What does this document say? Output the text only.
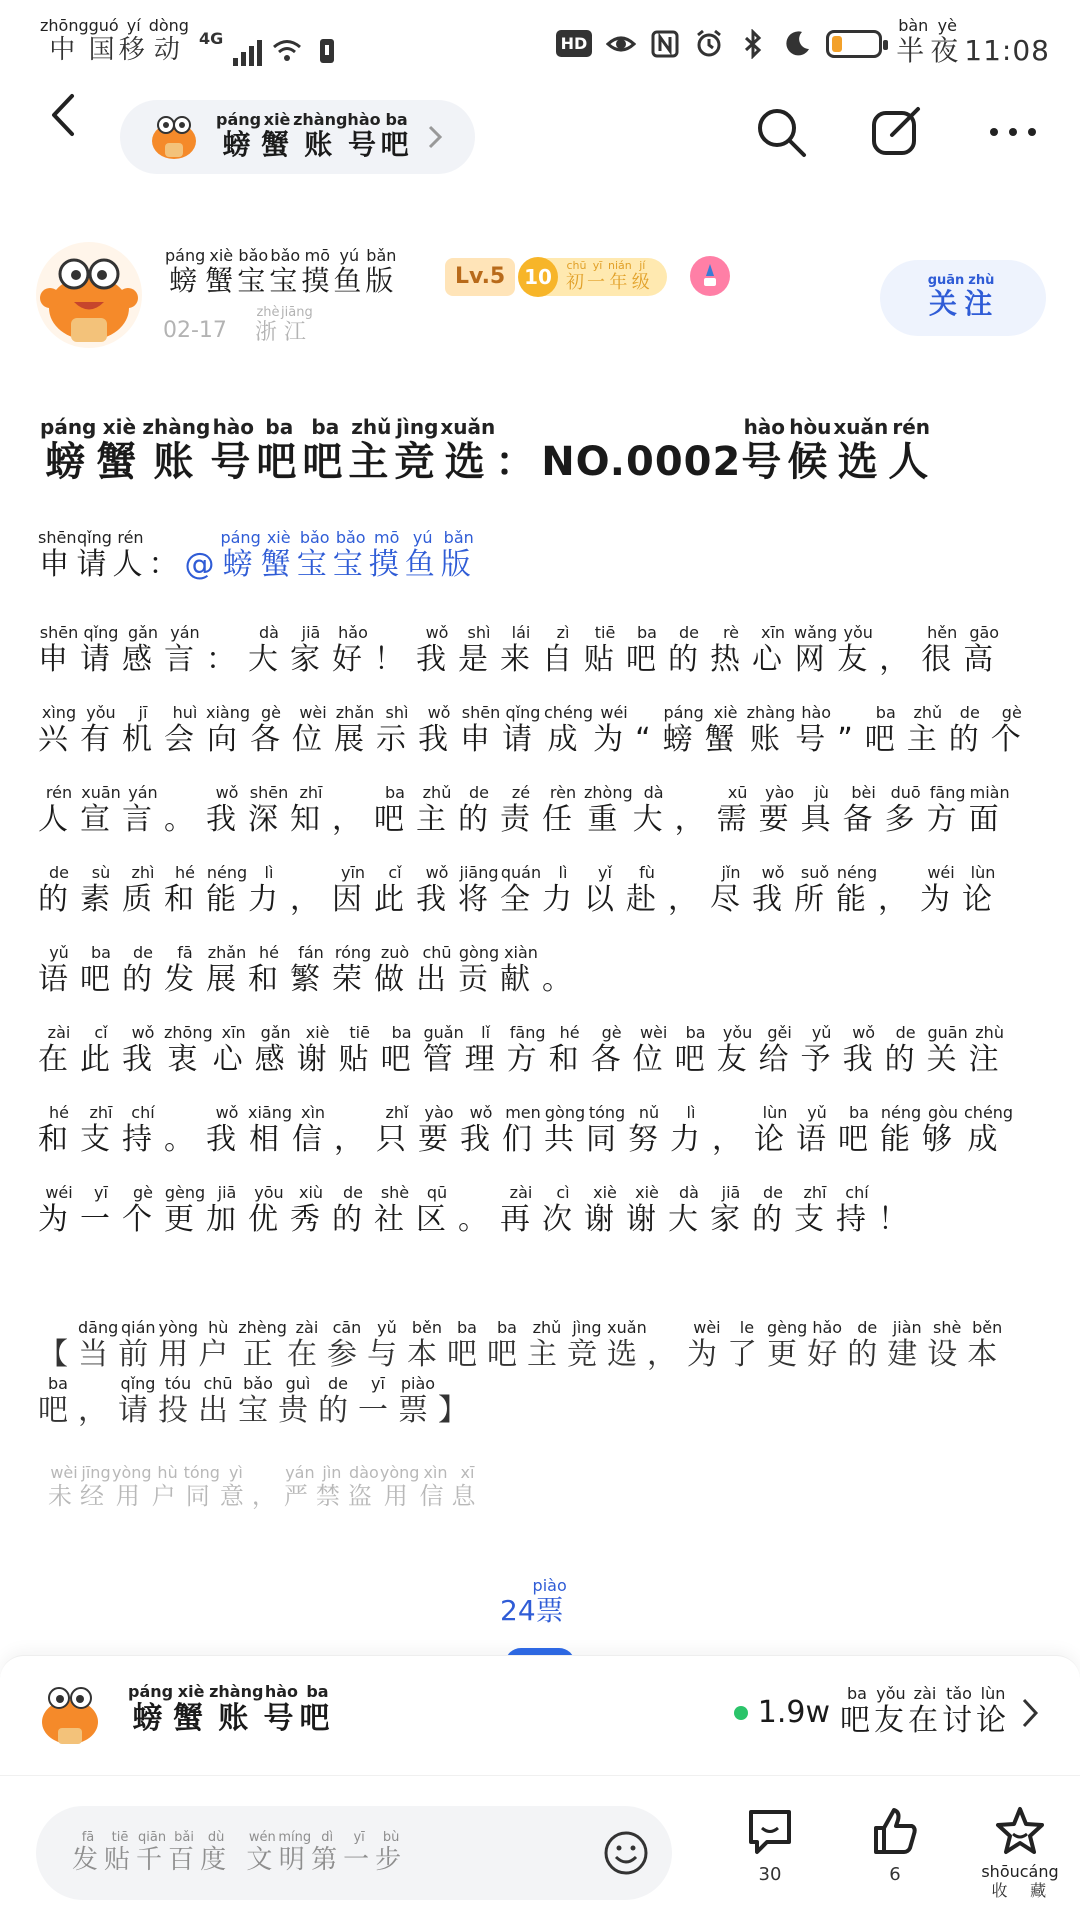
中zhōng国guó移yí动dòng
4G	HD	半bàn夜yè11:08
螃páng蟹xiè账zhàng号hào吧ba
螃páng蟹xiè宝bǎo宝bǎo摸mō鱼yú版bǎn
Lv.5 10 初chū一yī年nián级jí
02-17 浙zhè江jiāng	关guān
注zhù
螃páng蟹xiè账zhàng号hào吧ba吧ba主zhǔ竞jìng选xuǎn：NO.0002号hào候hòu选xuǎn人rén
申shēn请qǐng人rén：@螃páng蟹xiè宝bǎo宝bǎo摸mō鱼yú版bǎn
申shēn请qǐng感gǎn言yán：大dà家jiā好hǎo！我wǒ是shì来lái自zì贴tiē吧ba的de热rè心xīn网wǎng友yǒu，很hěn高gāo兴xìng有yǒu机jī会huì向xiàng各gè位wèi展zhǎn示shì我wǒ申shēn请qǐng成chéng为wéi“螃páng蟹xiè账zhàng号hào”吧ba主zhǔ的de个gè人rén宣xuān言yán。我wǒ深shēn知zhī，吧ba主zhǔ的de责zé任rèn重zhòng大dà，需xū要yào具jù备bèi多duō方fāng面miàn的de素sù质zhì和hé能néng力lì，因yīn此cǐ我wǒ将jiāng全quán力lì以yǐ赴fù，尽jǐn我wǒ所suǒ能néng，为wéi论lùn语yǔ吧ba的de发fā展zhǎn和hé繁fán荣róng做zuò出chū贡gòng献xiàn。
在zài此cǐ我wǒ衷zhōng心xīn感gǎn谢xiè贴tiē吧ba管guǎn理lǐ方fāng和hé各gè位wèi吧ba友yǒu给gěi予yǔ我wǒ的de关guān注zhù和hé支zhī持chí。我wǒ相xiāng信xìn，只zhǐ要yào我wǒ们men共gòng同tóng努nǔ力lì，论lùn语yǔ吧ba能néng够gòu成chéng为wéi一yī个gè更gèng加jiā优yōu秀xiù的de社shè区qū。再zài次cì谢xiè谢xiè大dà家jiā的de支zhī持chí！
【当dāng前qián用yòng户hù正zhèng在zài参cān与yǔ本běn吧ba吧ba主zhǔ竞jìng选xuǎn，为wèi了le更gèng好hǎo的de建jiàn设shè本běn吧ba，请qǐng投tóu出chū宝bǎo贵guì的de一yī票piào】
未wèi经jīng用yòng户hù同tóng意yì，严yán禁jìn盗dào用yòng信xìn息xī
24票piào
螃páng蟹xiè账zhàng号hào吧ba
1.9w 吧ba友yǒu在zài讨tǎo论lùn
发fā贴tiē千qiān百bǎi度dù 文wén明míng第dì一yī步bù
30	6
收shōu藏cáng
